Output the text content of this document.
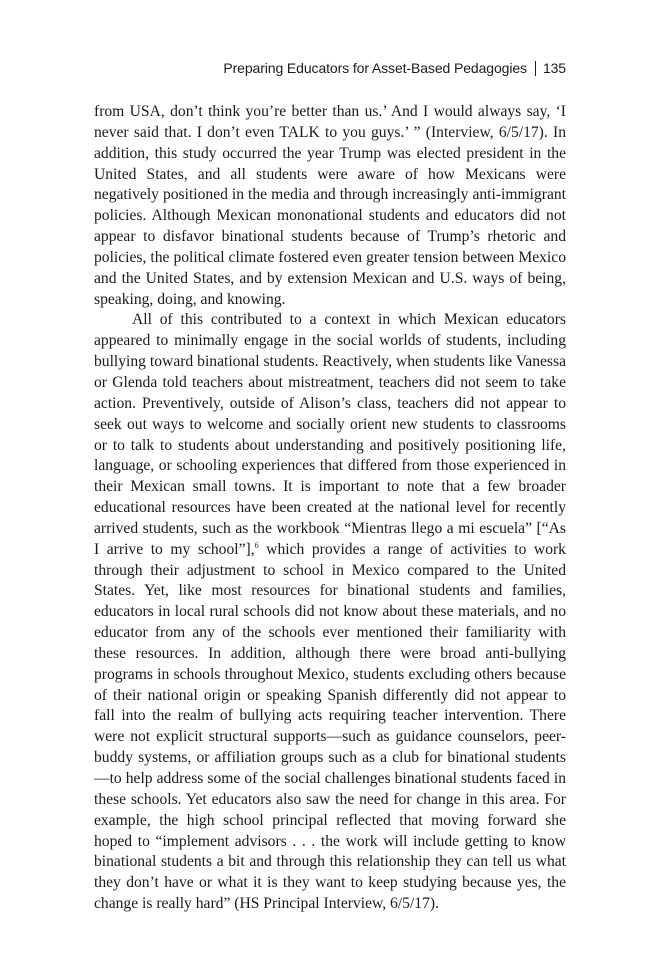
Preparing Educators for Asset-Based Pedagogies 135

from USA, don’t think you’re better than us.’ And I would always say, ‘I never said that. I don’t even TALK to you guys.’ ” (Interview, 6/5/17). In addition, this study occurred the year Trump was elected president in the United States, and all students were aware of how Mexicans were negatively positioned in the media and through increasingly anti-immigrant policies. Although Mexican mononational students and educators did not appear to disfavor binational students because of Trump’s rhetoric and policies, the political climate fostered even greater tension between Mexico and the United States, and by extension Mexican and U.S. ways of being, speaking, doing, and knowing.

All of this contributed to a context in which Mexican educators appeared to minimally engage in the social worlds of students, including bullying toward binational students. Reactively, when students like Vanessa or Glenda told teachers about mistreatment, teachers did not seem to take action. Preventively, outside of Alison’s class, teachers did not appear to seek out ways to welcome and socially orient new students to classrooms or to talk to students about understanding and positively positioning life, language, or schooling experiences that differed from those experienced in their Mexican small towns. It is important to note that a few broader educational resources have been created at the national level for recently arrived students, such as the workbook “Mientras llego a mi escuela” [“As I arrive to my school”],$^6$ which provides a range of activities to work through their adjustment to school in Mexico compared to the United States. Yet, like most resources for binational students and families, educators in local rural schools did not know about these materials, and no educator from any of the schools ever mentioned their familiarity with these resources. In addition, although there were broad anti-bullying programs in schools throughout Mexico, students excluding others because of their national origin or speaking Spanish differently did not appear to fall into the realm of bullying acts requiring teacher intervention. There were not explicit structural supports—such as guidance counselors, peer-buddy systems, or affiliation groups such as a club for binational students—to help address some of the social challenges binational students faced in these schools. Yet educators also saw the need for change in this area. For example, the high school principal reflected that moving forward she hoped to “implement advisors . . . the work will include getting to know binational students a bit and through this relationship they can tell us what they don’t have or what it is they want to keep studying because yes, the change is really hard” (HS Principal Interview, 6/5/17).
